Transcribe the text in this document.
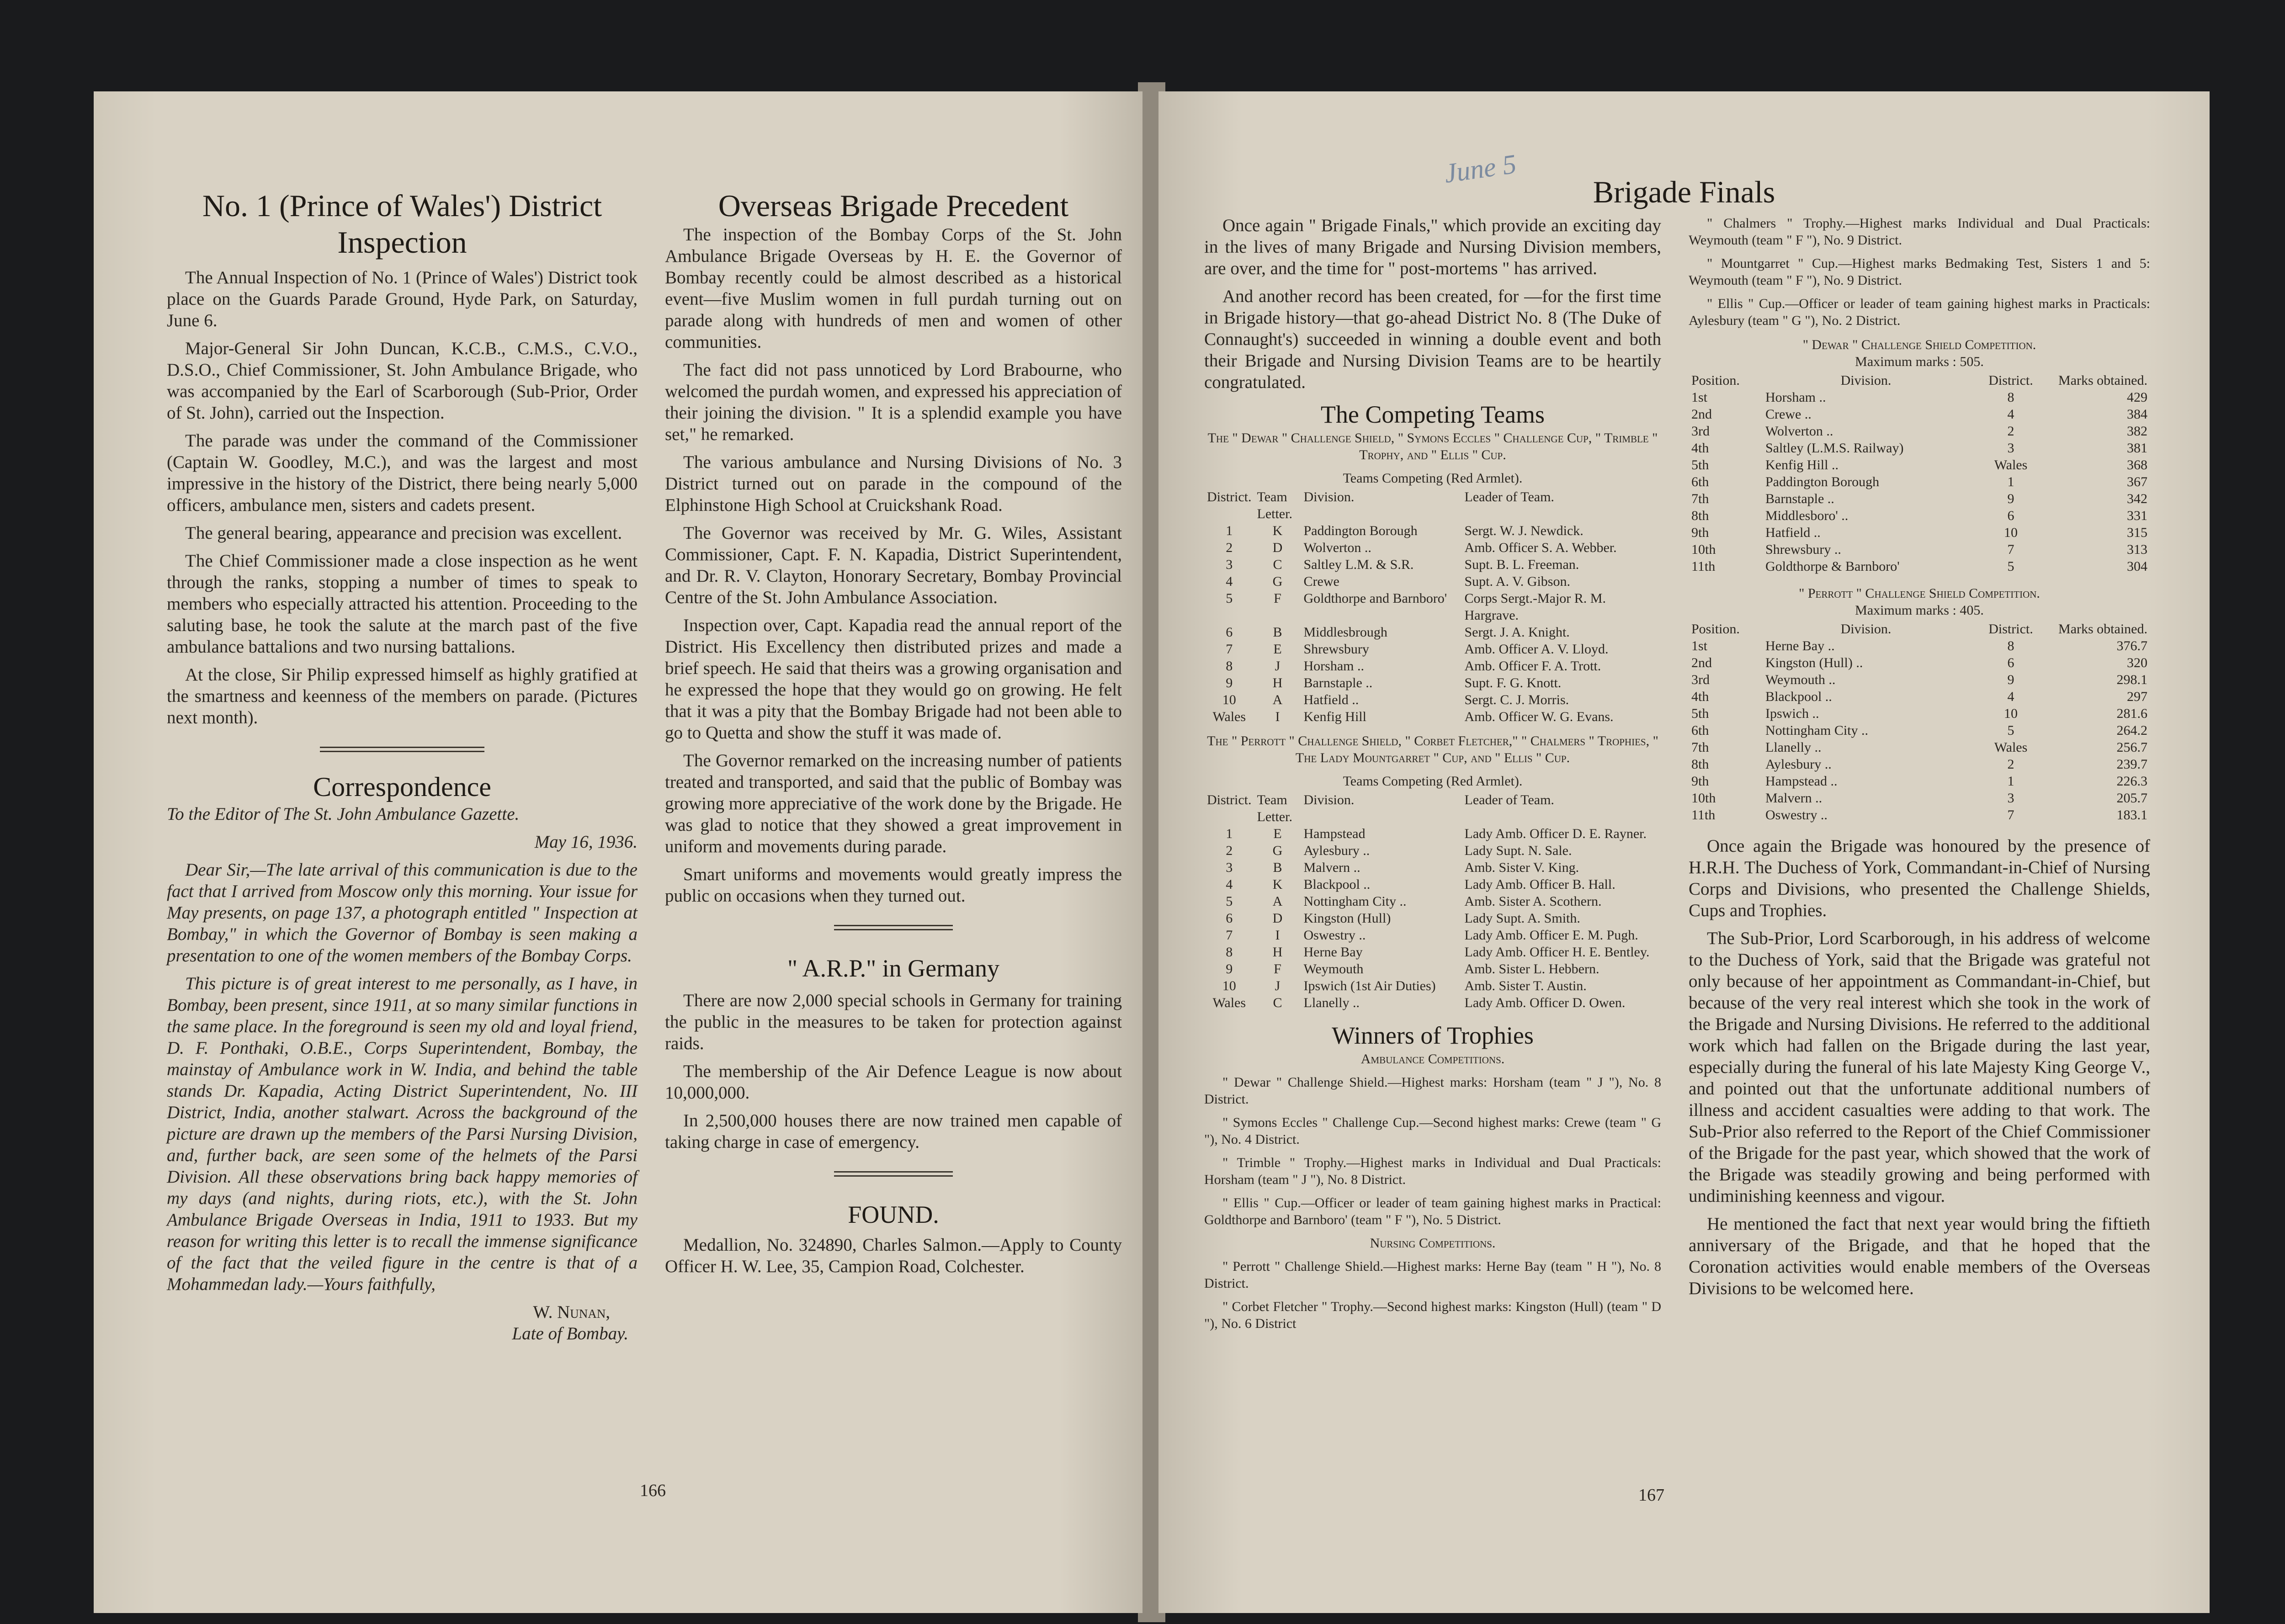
No. 1 (Prince of Wales') District Inspection

The Annual Inspection of No. 1 (Prince of Wales') District took place on the Guards Parade Ground, Hyde Park, on Saturday, June 6.

Major-General Sir John Duncan, K.C.B., C.M.S., C.V.O., D.S.O., Chief Commissioner, St. John Ambulance Brigade, who was accompanied by the Earl of Scarborough (Sub-Prior, Order of St. John), carried out the Inspection.

The parade was under the command of the Commissioner (Captain W. Goodley, M.C.), and was the largest and most impressive in the history of the District, there being nearly 5,000 officers, ambulance men, sisters and cadets present.

The general bearing, appearance and precision was excellent.

The Chief Commissioner made a close inspection as he went through the ranks, stopping a number of times to speak to members who especially attracted his attention. Proceeding to the saluting base, he took the salute at the march past of the five ambulance battalions and two nursing battalions.

At the close, Sir Philip expressed himself as highly gratified at the smartness and keenness of the members on parade. (Pictures next month).

Correspondence

To the Editor of The St. John Ambulance Gazette.

May 16, 1936.

Dear Sir,—The late arrival of this communication is due to the fact that I arrived from Moscow only this morning. Your issue for May presents, on page 137, a photograph entitled " Inspection at Bombay," in which the Governor of Bombay is seen making a presentation to one of the women members of the Bombay Corps.

This picture is of great interest to me personally, as I have, in Bombay, been present, since 1911, at so many similar functions in the same place. In the foreground is seen my old and loyal friend, D. F. Ponthaki, O.B.E., Corps Superintendent, Bombay, the mainstay of Ambulance work in W. India, and behind the table stands Dr. Kapadia, Acting District Superintendent, No. III District, India, another stalwart. Across the background of the picture are drawn up the members of the Parsi Nursing Division, and, further back, are seen some of the helmets of the Parsi Division. All these observations bring back happy memories of my days (and nights, during riots, etc.), with the St. John Ambulance Brigade Overseas in India, 1911 to 1933. But my reason for writing this letter is to recall the immense significance of the fact that the veiled figure in the centre is that of a Mohammedan lady.—Yours faithfully,

W. Nunan,

Late of Bombay.

Overseas Brigade Precedent

The inspection of the Bombay Corps of the St. John Ambulance Brigade Overseas by H. E. the Governor of Bombay recently could be almost described as a historical event—five Muslim women in full purdah turning out on parade along with hundreds of men and women of other communities.

The fact did not pass unnoticed by Lord Brabourne, who welcomed the purdah women, and expressed his appreciation of their joining the division. " It is a splendid example you have set," he remarked.

The various ambulance and Nursing Divisions of No. 3 District turned out on parade in the compound of the Elphinstone High School at Cruickshank Road.

The Governor was received by Mr. G. Wiles, Assistant Commissioner, Capt. F. N. Kapadia, District Superintendent, and Dr. R. V. Clayton, Honorary Secretary, Bombay Provincial Centre of the St. John Ambulance Association.

Inspection over, Capt. Kapadia read the annual report of the District. His Excellency then distributed prizes and made a brief speech. He said that theirs was a growing organisation and he expressed the hope that they would go on growing. He felt that it was a pity that the Bombay Brigade had not been able to go to Quetta and show the stuff it was made of.

The Governor remarked on the increasing number of patients treated and transported, and said that the public of Bombay was growing more appreciative of the work done by the Brigade. He was glad to notice that they showed a great improvement in uniform and movements during parade.

Smart uniforms and movements would greatly impress the public on occasions when they turned out.

" A.R.P." in Germany

There are now 2,000 special schools in Germany for training the public in the measures to be taken for protection against raids.

The membership of the Air Defence League is now about 10,000,000.

In 2,500,000 houses there are now trained men capable of taking charge in case of emergency.

FOUND.

Medallion, No. 324890, Charles Salmon.—Apply to County Officer H. W. Lee, 35, Campion Road, Colchester.

166
Brigade Finals

Once again " Brigade Finals," which provide an exciting day in the lives of many Brigade and Nursing Division members, are over, and the time for " post-mortems " has arrived.

And another record has been created, for —for the first time in Brigade history—that go-ahead District No. 8 (The Duke of Connaught's) succeeded in winning a double event and both their Brigade and Nursing Division Teams are to be heartily congratulated.

The Competing Teams

The " Dewar " Challenge Shield, " Symons Eccles " Challenge Cup, " Trimble " Trophy, and " Ellis " Cup.

Teams Competing (Red Armlet).

District.	Team Letter.	Division.	Leader of Team.
1	K	Paddington Borough	Sergt. W. J. Newdick.
2	D	Wolverton ..	Amb. Officer S. A. Webber.
3	C	Saltley L.M. & S.R.	Supt. B. L. Freeman.
4	G	Crewe	Supt. A. V. Gibson.
5	F	Goldthorpe and Barnboro'	Corps Sergt.-Major R. M. Hargrave.
6	B	Middlesbrough	Sergt. J. A. Knight.
7	E	Shrewsbury	Amb. Officer A. V. Lloyd.
8	J	Horsham ..	Amb. Officer F. A. Trott.
9	H	Barnstaple ..	Supt. F. G. Knott.
10	A	Hatfield ..	Sergt. C. J. Morris.
Wales	I	Kenfig Hill	Amb. Officer W. G. Evans.

The " Perrott " Challenge Shield, " Corbet Fletcher," " Chalmers " Trophies, " The Lady Mountgarret " Cup, and " Ellis " Cup.

Teams Competing (Red Armlet).

District.	Team Letter.	Division.	Leader of Team.
1	E	Hampstead	Lady Amb. Officer D. E. Rayner.
2	G	Aylesbury ..	Lady Supt. N. Sale.
3	B	Malvern ..	Amb. Sister V. King.
4	K	Blackpool ..	Lady Amb. Officer B. Hall.
5	A	Nottingham City ..	Amb. Sister A. Scothern.
6	D	Kingston (Hull)	Lady Supt. A. Smith.
7	I	Oswestry ..	Lady Amb. Officer E. M. Pugh.
8	H	Herne Bay	Lady Amb. Officer H. E. Bentley.
9	F	Weymouth	Amb. Sister L. Hebbern.
10	J	Ipswich (1st Air Duties)	Amb. Sister T. Austin.
Wales	C	Llanelly ..	Lady Amb. Officer D. Owen.
Winners of Trophies

Ambulance Competitions.

" Dewar " Challenge Shield.—Highest marks: Horsham (team " J "), No. 8 District.

" Symons Eccles " Challenge Cup.—Second highest marks: Crewe (team " G "), No. 4 District.

" Trimble " Trophy.—Highest marks in Individual and Dual Practicals: Horsham (team " J "), No. 8 District.

" Ellis " Cup.—Officer or leader of team gaining highest marks in Practical: Goldthorpe and Barnboro' (team " F "), No. 5 District.

Nursing Competitions.

" Perrott " Challenge Shield.—Highest marks: Herne Bay (team " H "), No. 8 District.

" Corbet Fletcher " Trophy.—Second highest marks: Kingston (Hull) (team " D "), No. 6 District

" Chalmers " Trophy.—Highest marks Individual and Dual Practicals: Weymouth (team " F "), No. 9 District.

" Mountgarret " Cup.—Highest marks Bedmaking Test, Sisters 1 and 5: Weymouth (team " F "), No. 9 District.

" Ellis " Cup.—Officer or leader of team gaining highest marks in Practicals: Aylesbury (team " G "), No. 2 District.

" Dewar " Challenge Shield Competition.

Maximum marks : 505.

Position.	Division.	District.	Marks obtained.
1st	Horsham ..	8	429
2nd	Crewe ..	4	384
3rd	Wolverton ..	2	382
4th	Saltley (L.M.S. Railway)	3	381
5th	Kenfig Hill ..	Wales	368
6th	Paddington Borough	1	367
7th	Barnstaple ..	9	342
8th	Middlesboro' ..	6	331
9th	Hatfield ..	10	315
10th	Shrewsbury ..	7	313
11th	Goldthorpe & Barnboro'	5	304

" Perrott " Challenge Shield Competition.

Maximum marks : 405.

Position.	Division.	District.	Marks obtained.
1st	Herne Bay ..	8	376.7
2nd	Kingston (Hull) ..	6	320
3rd	Weymouth ..	9	298.1
4th	Blackpool ..	4	297
5th	Ipswich ..	10	281.6
6th	Nottingham City ..	5	264.2
7th	Llanelly ..	Wales	256.7
8th	Aylesbury ..	2	239.7
9th	Hampstead ..	1	226.3
10th	Malvern ..	3	205.7
11th	Oswestry ..	7	183.1

Once again the Brigade was honoured by the presence of H.R.H. The Duchess of York, Commandant-in-Chief of Nursing Corps and Divisions, who presented the Challenge Shields, Cups and Trophies.

The Sub-Prior, Lord Scarborough, in his address of welcome to the Duchess of York, said that the Brigade was grateful not only because of her appointment as Commandant-in-Chief, but because of the very real interest which she took in the work of the Brigade and Nursing Divisions. He referred to the additional work which had fallen on the Brigade during the last year, especially during the funeral of his late Majesty King George V., and pointed out that the unfortunate additional numbers of illness and accident casualties were adding to that work. The Sub-Prior also referred to the Report of the Chief Commissioner of the Brigade for the past year, which showed that the work of the Brigade was steadily growing and being performed with undiminishing keenness and vigour.

He mentioned the fact that next year would bring the fiftieth anniversary of the Brigade, and that he hoped that the Coronation activities would enable members of the Overseas Divisions to be welcomed here.

167
June 5
